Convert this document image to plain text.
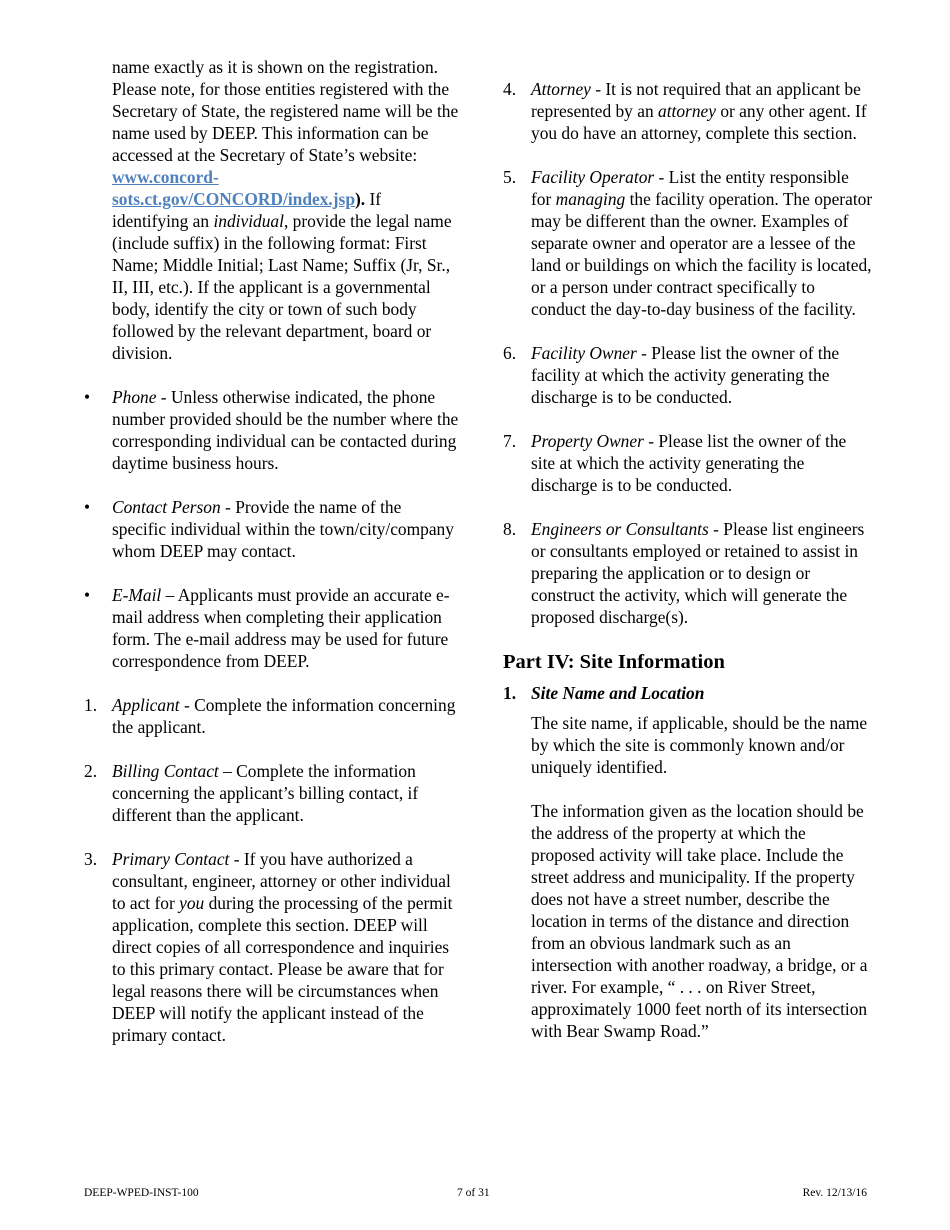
name exactly as it is shown on the registration. Please note, for those entities registered with the Secretary of State, the registered name will be the name used by DEEP. This information can be accessed at the Secretary of State’s website: www.concord-sots.ct.gov/CONCORD/index.jsp). If identifying an individual, provide the legal name (include suffix) in the following format: First Name; Middle Initial; Last Name; Suffix (Jr, Sr., II, III, etc.). If the applicant is a governmental body, identify the city or town of such body followed by the relevant department, board or division.

• Phone - Unless otherwise indicated, the phone number provided should be the number where the corresponding individual can be contacted during daytime business hours.

• Contact Person - Provide the name of the specific individual within the town/city/company whom DEEP may contact.

• E-Mail – Applicants must provide an accurate e-mail address when completing their application form. The e-mail address may be used for future correspondence from DEEP.

1. Applicant - Complete the information concerning the applicant.

2. Billing Contact – Complete the information concerning the applicant’s billing contact, if different than the applicant.

3. Primary Contact - If you have authorized a consultant, engineer, attorney or other individual to act for you during the processing of the permit application, complete this section. DEEP will direct copies of all correspondence and inquiries to this primary contact. Please be aware that for legal reasons there will be circumstances when DEEP will notify the applicant instead of the primary contact.

4. Attorney - It is not required that an applicant be represented by an attorney or any other agent. If you do have an attorney, complete this section.

5. Facility Operator - List the entity responsible for managing the facility operation. The operator may be different than the owner. Examples of separate owner and operator are a lessee of the land or buildings on which the facility is located, or a person under contract specifically to conduct the day-to-day business of the facility.

6. Facility Owner - Please list the owner of the facility at which the activity generating the discharge is to be conducted.

7. Property Owner - Please list the owner of the site at which the activity generating the discharge is to be conducted.

8. Engineers or Consultants - Please list engineers or consultants employed or retained to assist in preparing the application or to design or construct the activity, which will generate the proposed discharge(s).

Part IV: Site Information
1. Site Name and Location

The site name, if applicable, should be the name by which the site is commonly known and/or uniquely identified.

The information given as the location should be the address of the property at which the proposed activity will take place. Include the street address and municipality. If the property does not have a street number, describe the location in terms of the distance and direction from an obvious landmark such as an intersection with another roadway, a bridge, or a river. For example, “ . . . on River Street, approximately 1000 feet north of its intersection with Bear Swamp Road.”

DEEP-WPED-INST-100	7 of 31	Rev. 12/13/16
